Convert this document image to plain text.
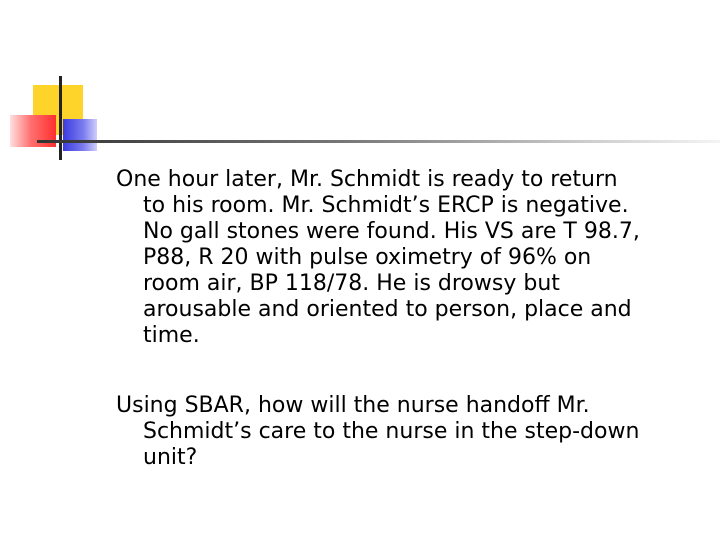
One hour later, Mr. Schmidt is ready to return
to his room. Mr. Schmidt’s ERCP is negative.
No gall stones were found. His VS are T 98.7,
P88, R 20 with pulse oximetry of 96% on
room air, BP 118/78. He is drowsy but
arousable and oriented to person, place and
time.

Using SBAR, how will the nurse handoff Mr.
Schmidt’s care to the nurse in the step-down
unit?
